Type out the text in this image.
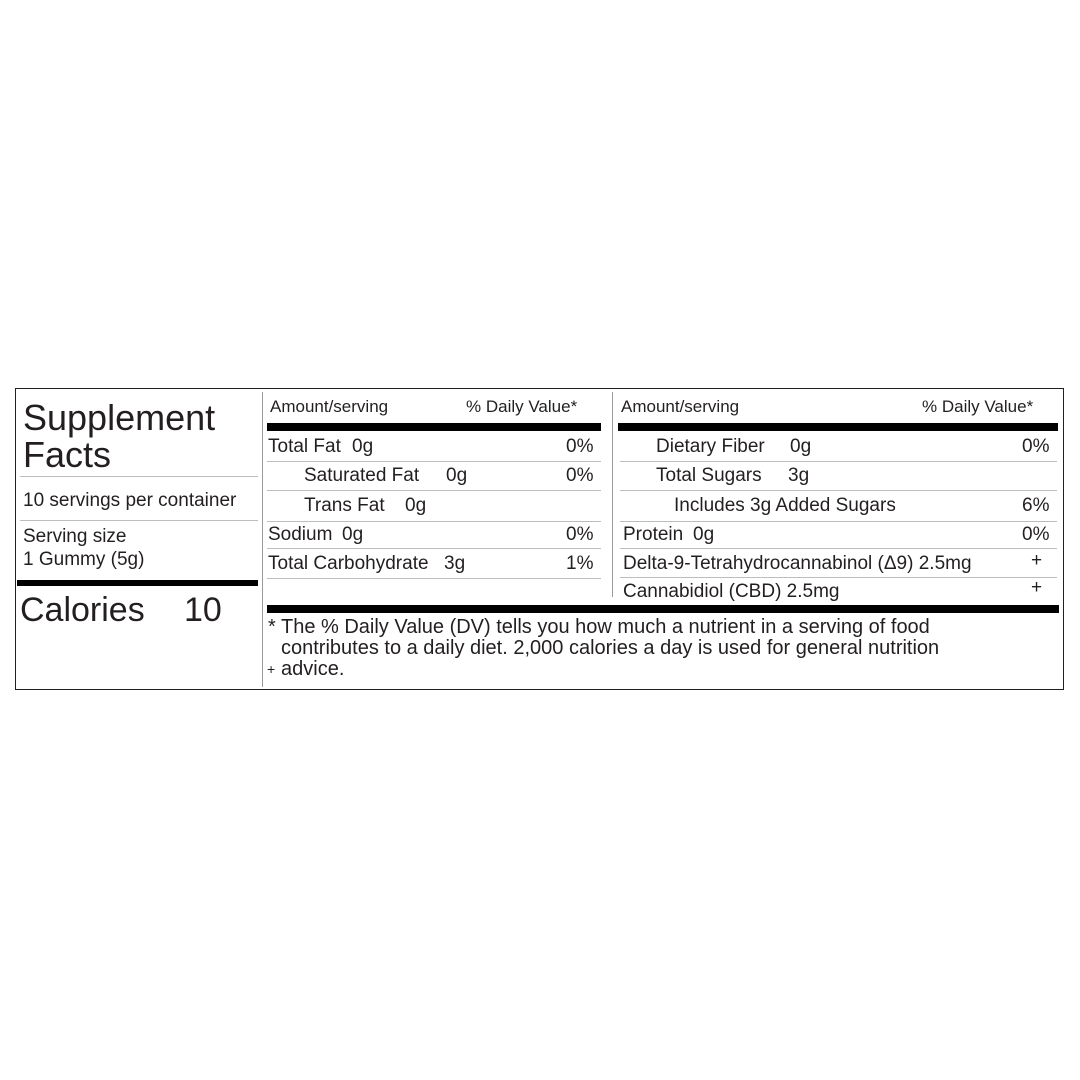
Supplement
Facts
10 servings per container
Serving size
1 Gummy (5g)
Calories 10
Amount/serving	% Daily Value*
Total Fat 0g	0%
Saturated Fat 0g	0%
Trans Fat 0g
Sodium 0g	0%
Total Carbohydrate 3g	1%
Amount/serving	% Daily Value*
Dietary Fiber 0g	0%
Total Sugars 3g
Includes 3g Added Sugars	6%
Protein 0g	0%
Delta-9-Tetrahydrocannabinol (Δ9) 2.5mg	+
Cannabidiol (CBD) 2.5mg	+
* The % Daily Value (DV) tells you how much a nutrient in a serving of food
contributes to a daily diet. 2,000 calories a day is used for general nutrition
+ advice.
